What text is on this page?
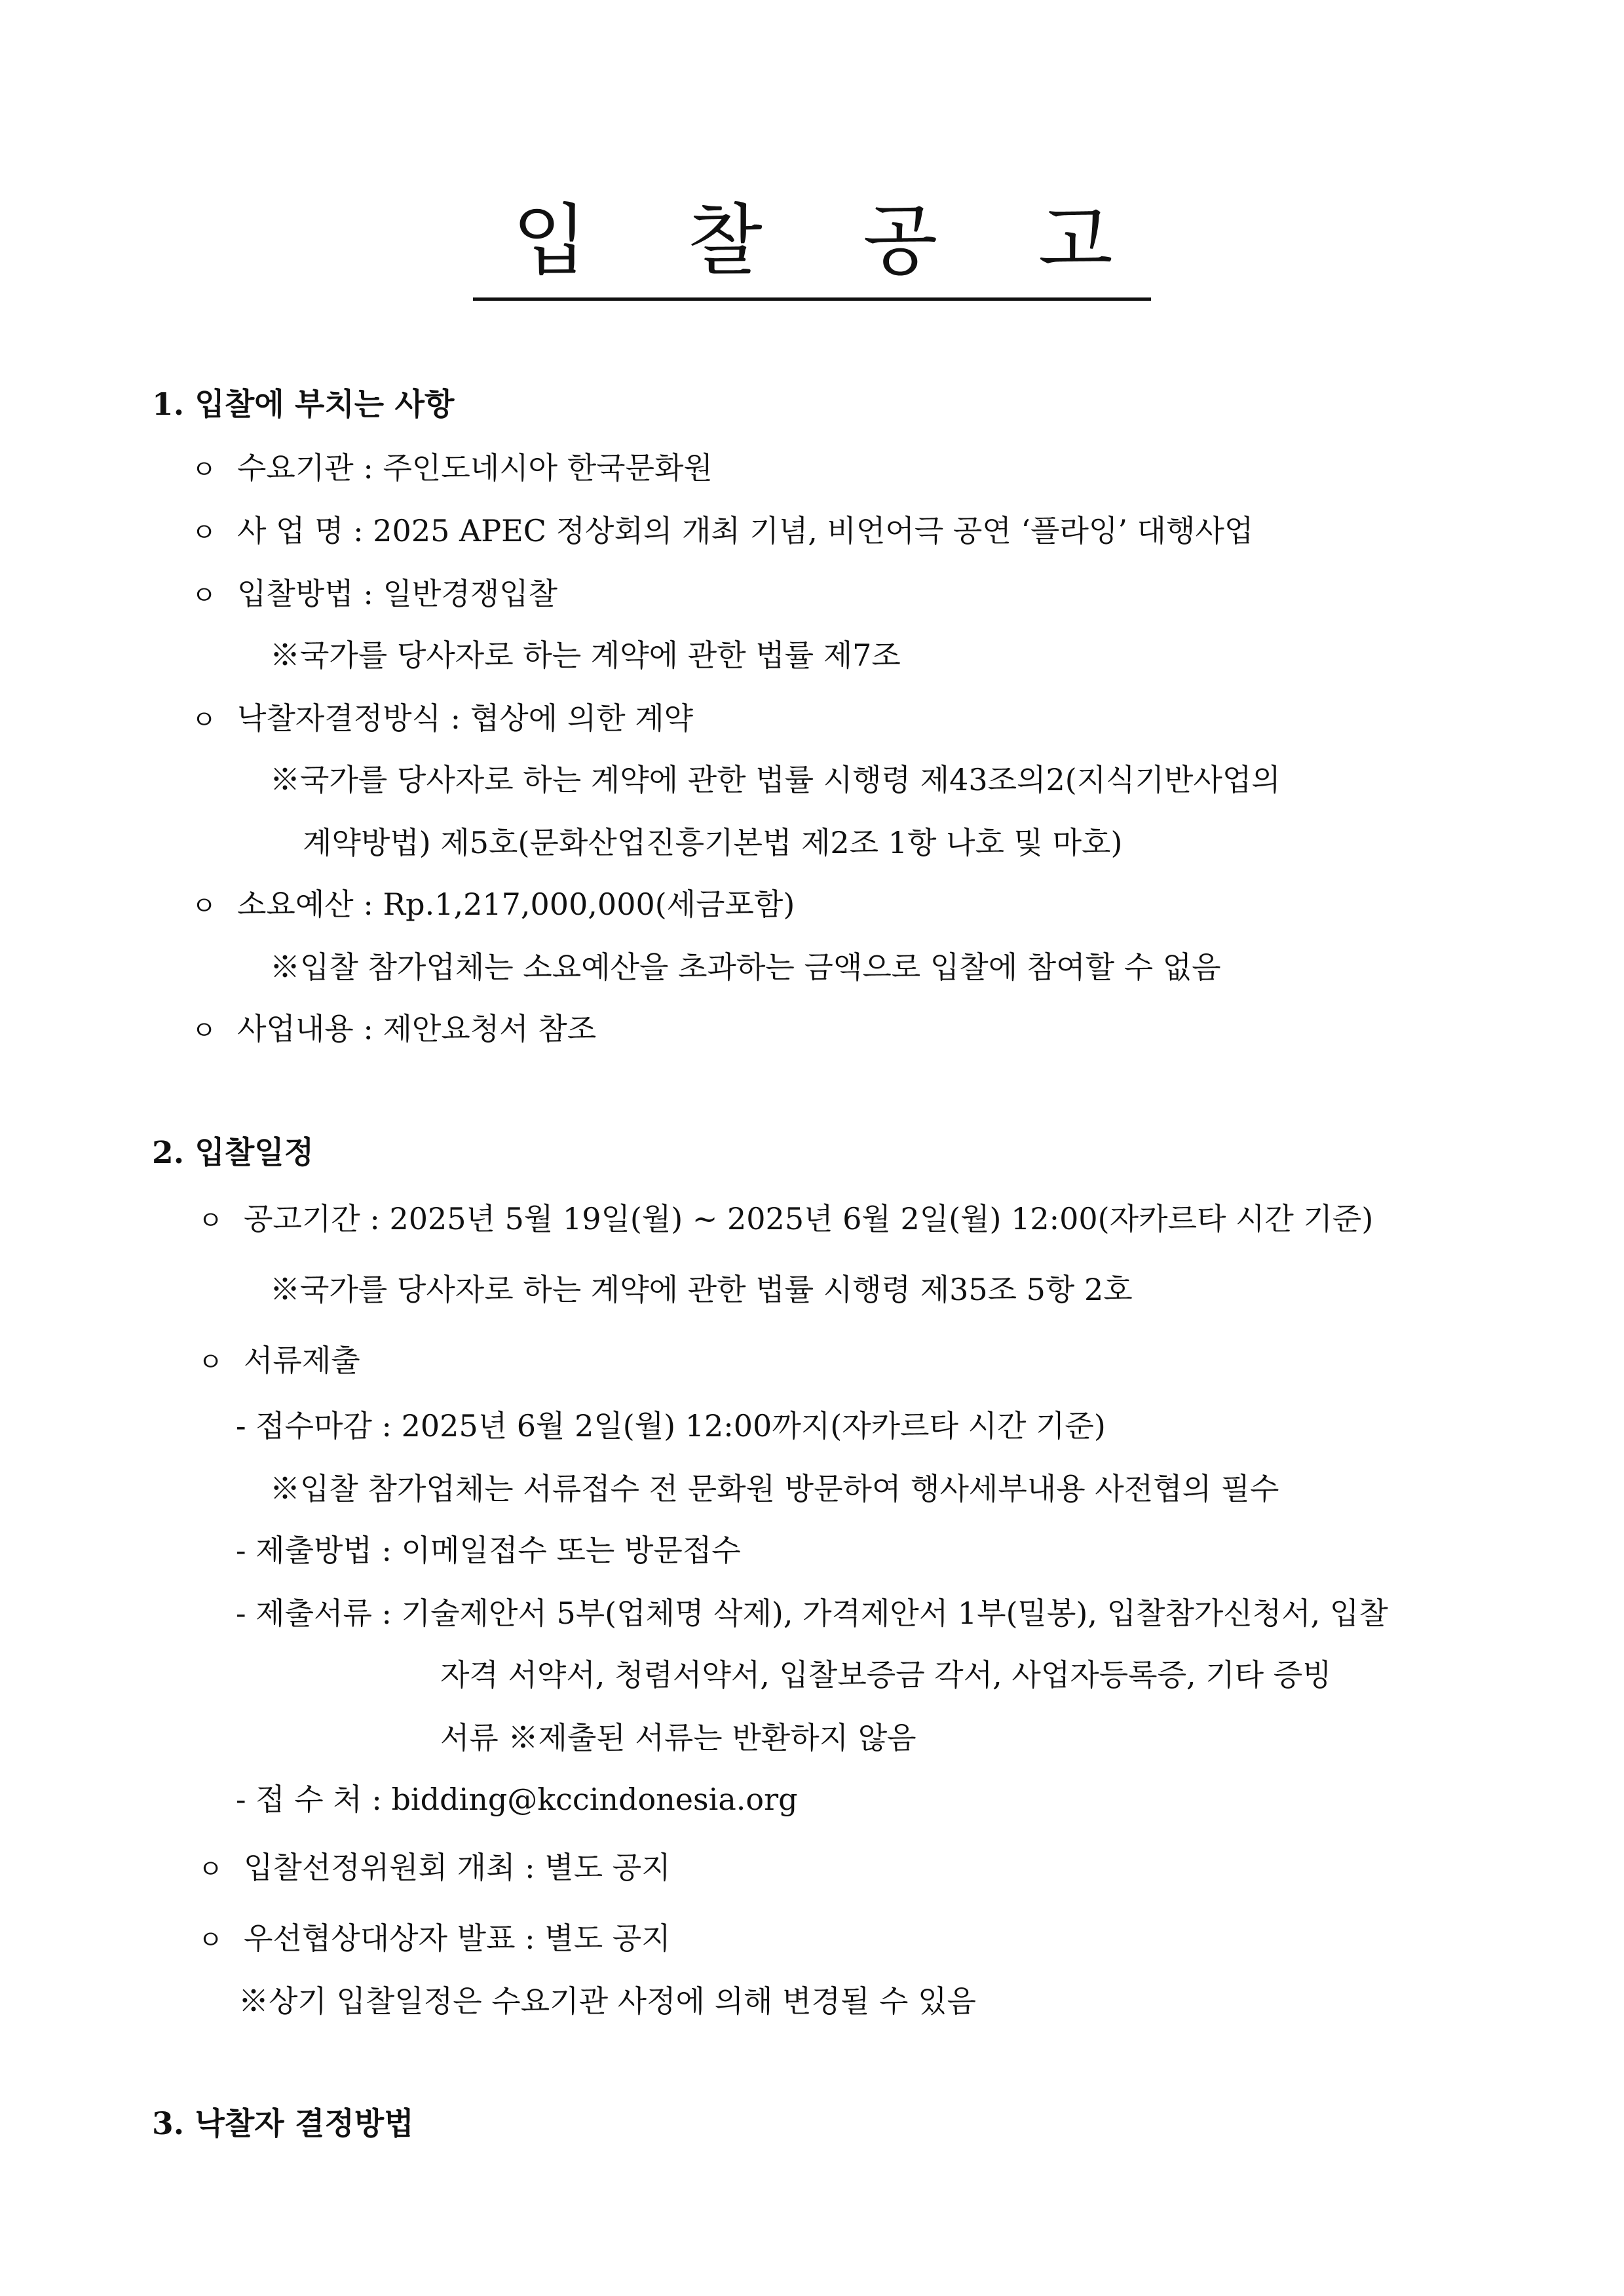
입 찰 공 고
1. 입찰에 부치는 사항
ㅇ 수요기관 : 주인도네시아 한국문화원
ㅇ 사 업 명 : 2025 APEC 정상회의 개최 기념, 비언어극 공연 ‘플라잉’ 대행사업
ㅇ 입찰방법 : 일반경쟁입찰
※국가를 당사자로 하는 계약에 관한 법률 제7조
ㅇ 낙찰자결정방식 : 협상에 의한 계약
※국가를 당사자로 하는 계약에 관한 법률 시행령 제43조의2(지식기반사업의
계약방법) 제5호(문화산업진흥기본법 제2조 1항 나호 및 마호)
ㅇ 소요예산 : Rp.1,217,000,000(세금포함)
※입찰 참가업체는 소요예산을 초과하는 금액으로 입찰에 참여할 수 없음
ㅇ 사업내용 : 제안요청서 참조
2. 입찰일정
ㅇ 공고기간 : 2025년 5월 19일(월) ~ 2025년 6월 2일(월) 12:00(자카르타 시간 기준)
※국가를 당사자로 하는 계약에 관한 법률 시행령 제35조 5항 2호
ㅇ 서류제출
- 접수마감 : 2025년 6월 2일(월) 12:00까지(자카르타 시간 기준)
※입찰 참가업체는 서류접수 전 문화원 방문하여 행사세부내용 사전협의 필수
- 제출방법 : 이메일접수 또는 방문접수
- 제출서류 : 기술제안서 5부(업체명 삭제), 가격제안서 1부(밀봉), 입찰참가신청서, 입찰
자격 서약서, 청렴서약서, 입찰보증금 각서, 사업자등록증, 기타 증빙
서류 ※제출된 서류는 반환하지 않음
- 접 수 처 : bidding@kccindonesia.org
ㅇ 입찰선정위원회 개최 : 별도 공지
ㅇ 우선협상대상자 발표 : 별도 공지
※상기 입찰일정은 수요기관 사정에 의해 변경될 수 있음
3. 낙찰자 결정방법
